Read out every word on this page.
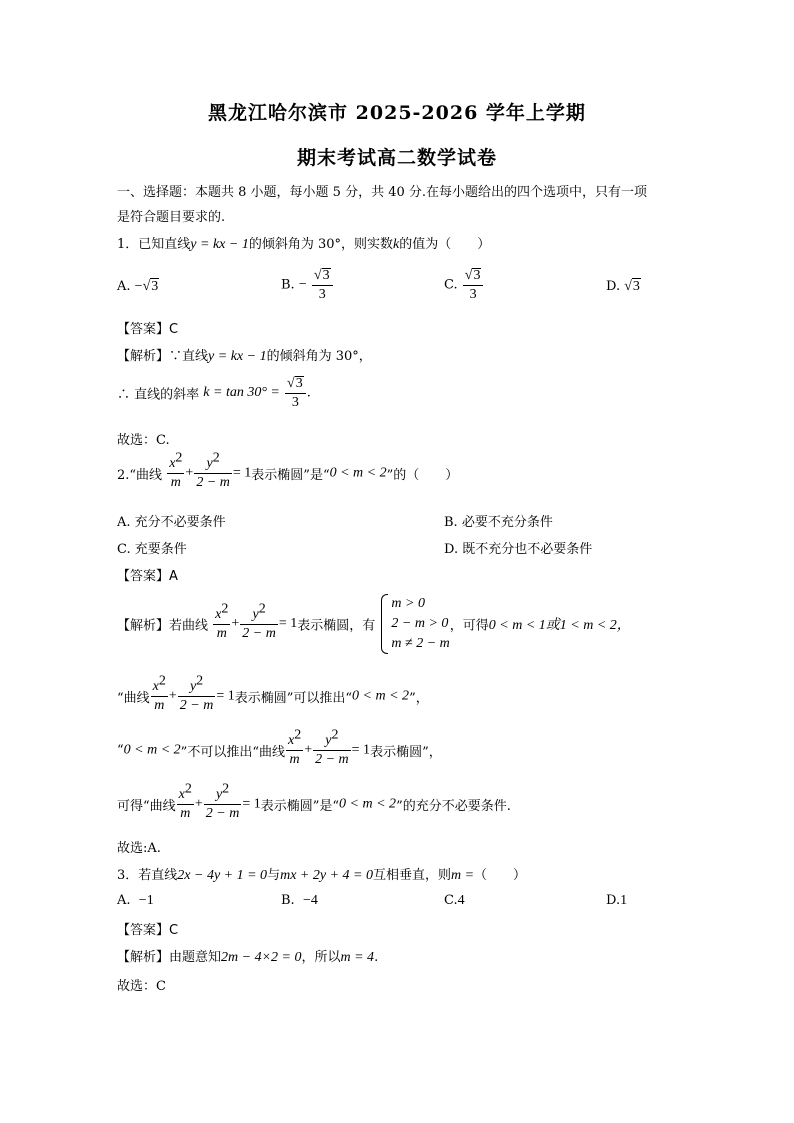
黑龙江哈尔滨市 2025-2026 学年上学期
期末考试高二数学试卷
一、选择题：本题共 8 小题，每小题 5 分，共 40 分.在每小题给出的四个选项中，只有一项
是符合题目要求的.
1．已知直线y = kx − 1的倾斜角为 30°，则实数k的值为（　　）
A. −√3	B. − $\frac{√3}{3}$	C. $\frac{√3}{3}$	D. √3
【答案】C
【解析】∵直线y = kx − 1的倾斜角为 30°，
∴ 直线的斜率 $k = \tan 30^\circ = \frac{√3}{3}$ .
故选：C.
2.“曲线 $\frac{x^2}{m} + \frac{y^2}{2 - m} = 1$表示椭圆”是“0 < m < 2”的（　　）
A. 充分不必要条件	B. 必要不充分条件
C. 充要条件	D. 既不充分也不必要条件
【答案】A
【解析】若曲线 $\frac{x^2}{m} + \frac{y^2}{2 - m} = 1$表示椭圆，有
m > 0
2 − m > 0
m ≠ 2 − m
，可得0 < m < 1或1 < m < 2，
“曲线 $\frac{x^2}{m} + \frac{y^2}{2 - m} = 1$表示椭圆”可以推出“0 < m < 2”，
“0 < m < 2”不可以推出“曲线 $\frac{x^2}{m} + \frac{y^2}{2 - m} = 1$表示椭圆”，
可得“曲线 $\frac{x^2}{m} + \frac{y^2}{2 - m} = 1$表示椭圆”是“0 < m < 2”的充分不必要条件.
故选:A.
3．若直线2x − 4y + 1 = 0与mx + 2y + 4 = 0互相垂直，则m =（　　）
A. −1	B. −4	C.4	D.1
【答案】C
【解析】由题意知2m − 4×2 = 0，所以m = 4.
故选：C
